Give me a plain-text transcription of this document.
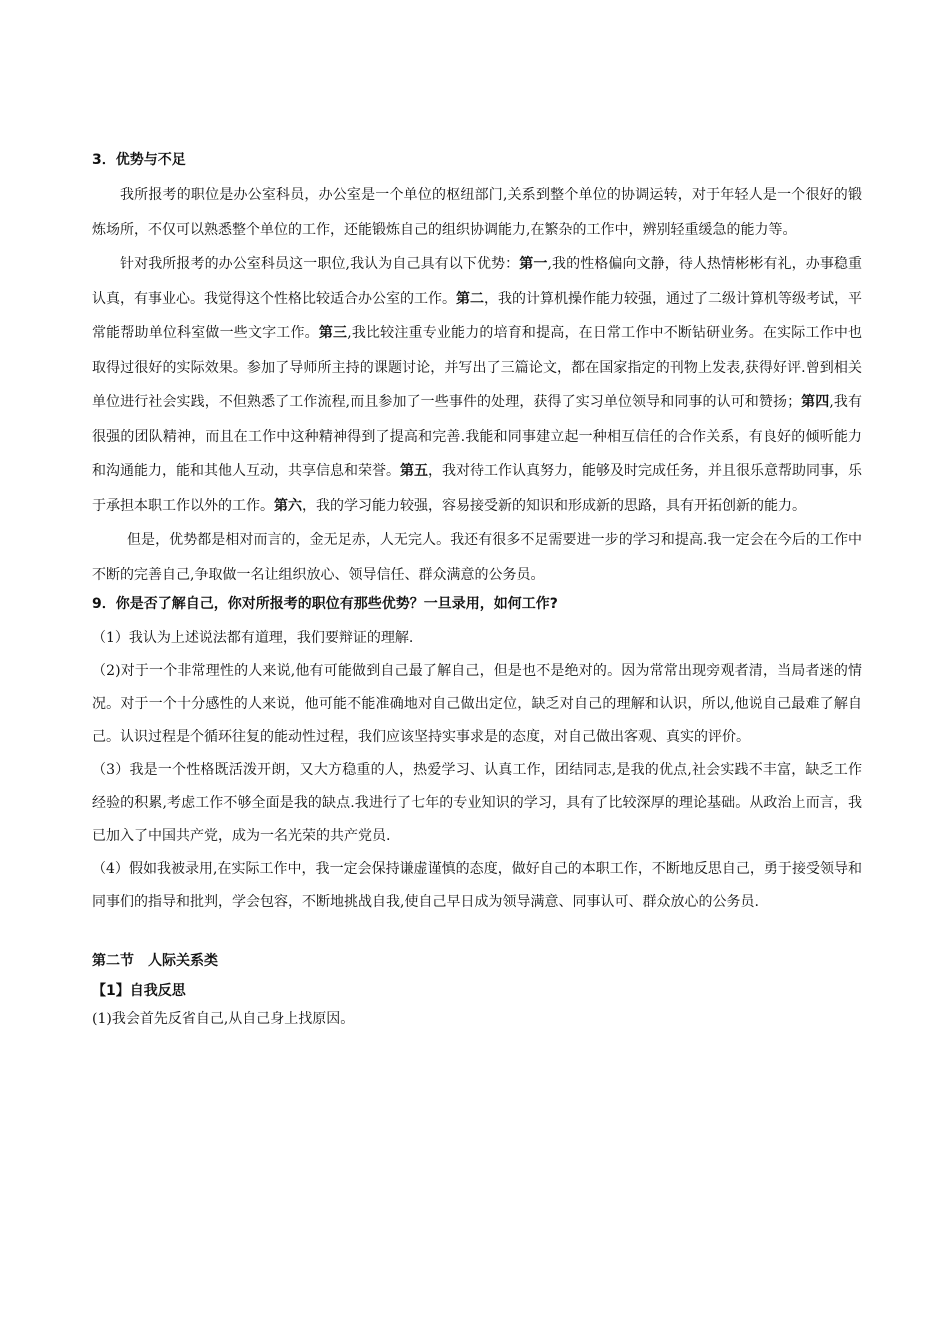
3．优势与不足

我所报考的职位是办公室科员，办公室是一个单位的枢纽部门,关系到整个单位的协调运转，对于年轻人是一个很好的锻炼场所，不仅可以熟悉整个单位的工作，还能锻炼自己的组织协调能力,在繁杂的工作中，辨别轻重缓急的能力等。

针对我所报考的办公室科员这一职位,我认为自己具有以下优势：第一,我的性格偏向文静，待人热情彬彬有礼，办事稳重认真，有事业心。我觉得这个性格比较适合办公室的工作。第二，我的计算机操作能力较强，通过了二级计算机等级考试，平常能帮助单位科室做一些文字工作。第三,我比较注重专业能力的培育和提高，在日常工作中不断钻研业务。在实际工作中也取得过很好的实际效果。参加了导师所主持的课题讨论，并写出了三篇论文，都在国家指定的刊物上发表,获得好评.曾到相关单位进行社会实践，不但熟悉了工作流程,而且参加了一些事件的处理，获得了实习单位领导和同事的认可和赞扬；第四,我有很强的团队精神，而且在工作中这种精神得到了提高和完善.我能和同事建立起一种相互信任的合作关系，有良好的倾听能力和沟通能力，能和其他人互动，共享信息和荣誉。第五，我对待工作认真努力，能够及时完成任务，并且很乐意帮助同事，乐于承担本职工作以外的工作。第六，我的学习能力较强，容易接受新的知识和形成新的思路，具有开拓创新的能力。

但是，优势都是相对而言的，金无足赤，人无完人。我还有很多不足需要进一步的学习和提高.我一定会在今后的工作中不断的完善自己,争取做一名让组织放心、领导信任、群众满意的公务员。

9．你是否了解自己，你对所报考的职位有那些优势？一旦录用，如何工作?

（1）我认为上述说法都有道理，我们要辩证的理解.

（2)对于一个非常理性的人来说,他有可能做到自己最了解自己，但是也不是绝对的。因为常常出现旁观者清，当局者迷的情况。对于一个十分感性的人来说，他可能不能准确地对自己做出定位，缺乏对自己的理解和认识，所以,他说自己最难了解自己。认识过程是个循环往复的能动性过程，我们应该坚持实事求是的态度，对自己做出客观、真实的评价。

（3）我是一个性格既活泼开朗，又大方稳重的人，热爱学习、认真工作，团结同志,是我的优点,社会实践不丰富，缺乏工作经验的积累,考虑工作不够全面是我的缺点.我进行了七年的专业知识的学习，具有了比较深厚的理论基础。从政治上而言，我已加入了中国共产党，成为一名光荣的共产党员.

（4）假如我被录用,在实际工作中，我一定会保持谦虚谨慎的态度，做好自己的本职工作，不断地反思自己，勇于接受领导和同事们的指导和批判，学会包容，不断地挑战自我,使自己早日成为领导满意、同事认可、群众放心的公务员.

第二节　人际关系类

【1】自我反思

(1)我会首先反省自己,从自己身上找原因。
